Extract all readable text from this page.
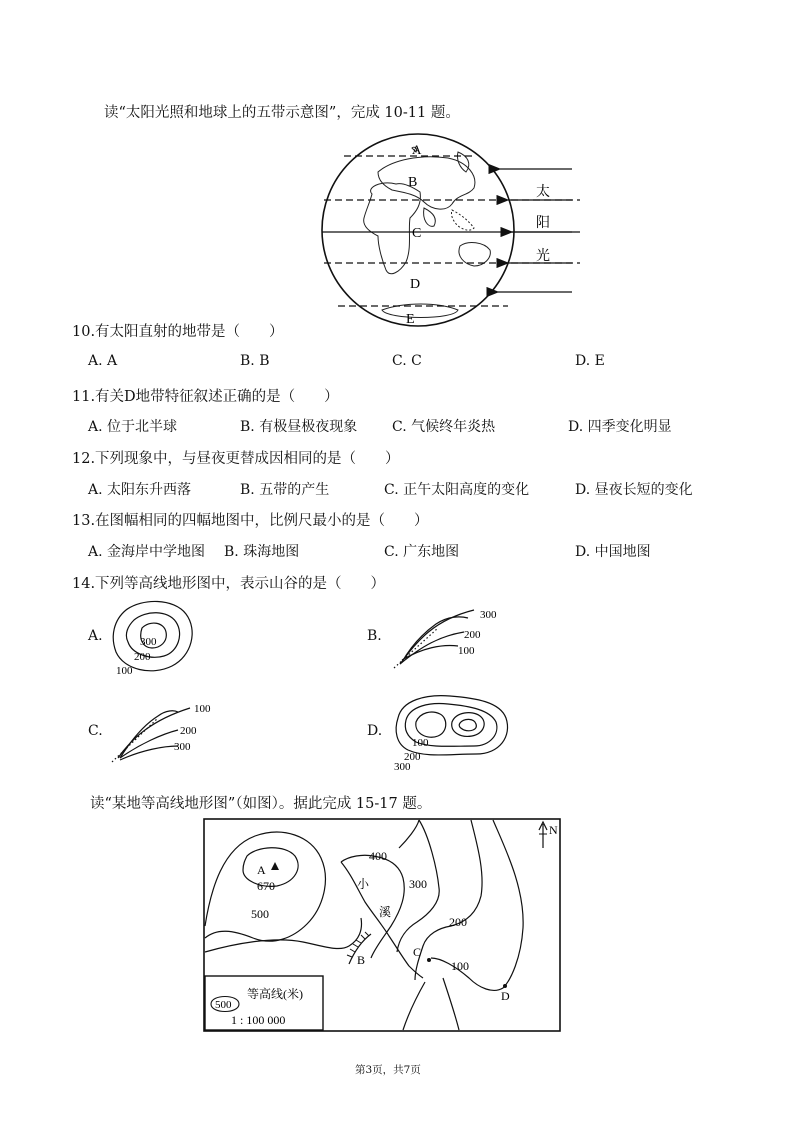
读“太阳光照和地球上的五带示意图”，完成 10-11 题。
A
B
C
D
E
太
阳
光
10.有太阳直射的地带是（　　）
A. A	B. B	C. C	D. E
11.有关D地带特征叙述正确的是（　　）
A. 位于北半球	B. 有极昼极夜现象 C. 气候终年炎热	D. 四季变化明显
12.下列现象中，与昼夜更替成因相同的是（　　）
A. 太阳东升西落	B. 五带的产生	C. 正午太阳高度的变化	D. 昼夜长短的变化
13.在图幅相同的四幅地图中，比例尺最小的是（　　）
A. 金海岸中学地图 B. 珠海地图	C. 广东地图	D. 中国地图
14.下列等高线地形图中，表示山谷的是（　　）
A.	300
200
100
B.
300
200
100
C.
100
200
300
D.
100
200
300
读“某地等高线地形图”（如图）。据此完成 15-17 题。
N
A
670
500
400
300
200
100
小
溪
B
C
D
500
等高线(米)
1 : 100 000
第3页，共7页
